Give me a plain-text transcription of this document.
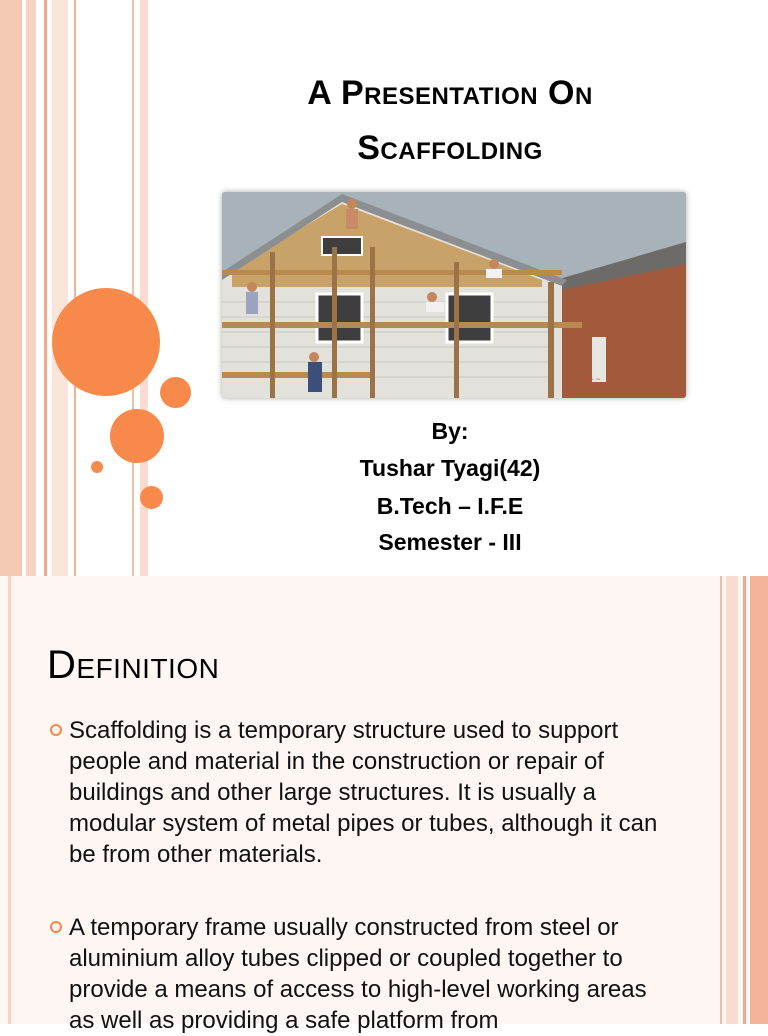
A Presentation On
Scaffolding
~ ~ ~
By:
Tushar Tyagi(42)
B.Tech – I.F.E
Semester - III
Definition
Scaffolding is a temporary structure used to support people and material in the construction or repair of buildings and other large structures. It is usually a modular system of metal pipes or tubes, although it can be from other materials.
A temporary frame usually constructed from steel or aluminium alloy tubes clipped or coupled together to provide a means of access to high-level working areas as well as providing a safe platform from
